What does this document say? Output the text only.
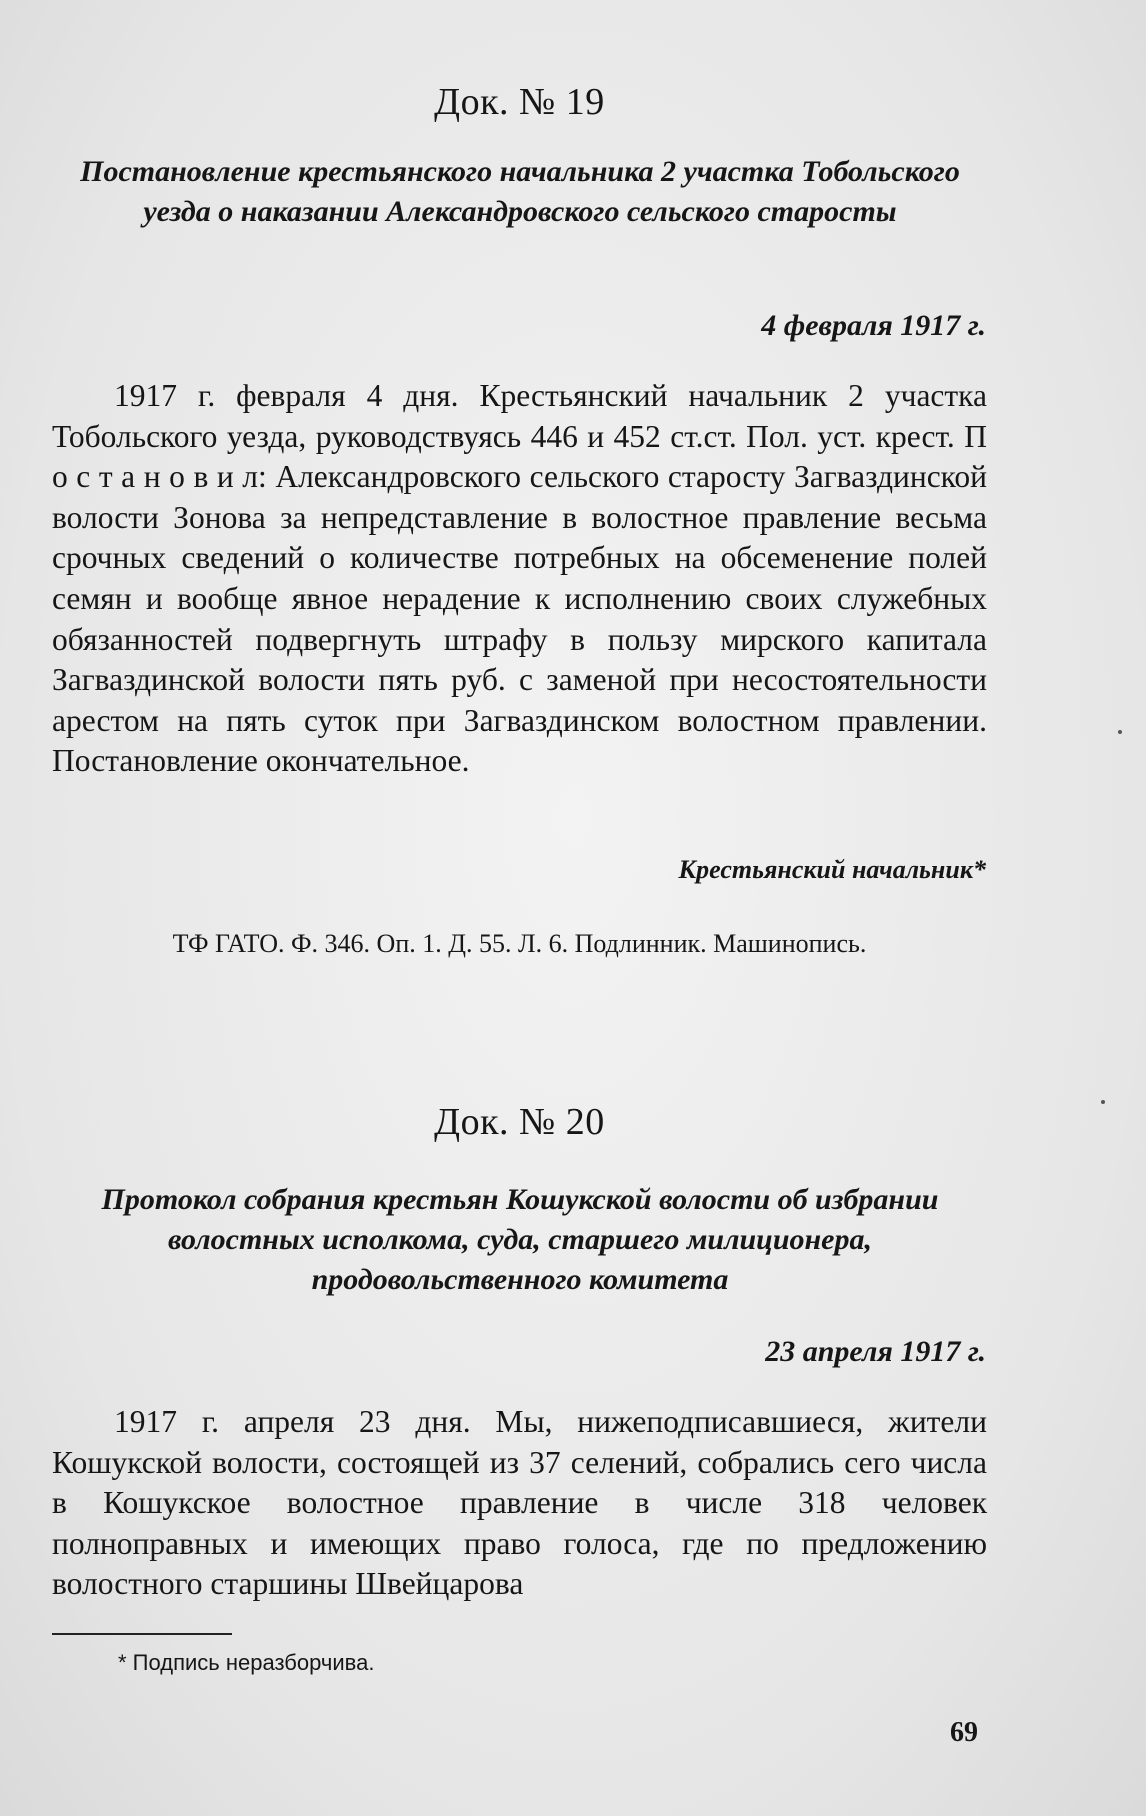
Док. № 19
Постановление крестьянского начальника 2 участка Тобольского уезда о наказании Александровского сельского старосты
4 февраля 1917 г.

1917 г. февраля 4 дня. Крестьянский начальник 2 участка Тобольского уезда, руководствуясь 446 и 452 ст.ст. Пол. уст. крест. П о с т а н о в и л: Александровского сельского старосту Загваздинской волости Зонова за непредставление в волостное правление весьма срочных сведений о количестве потребных на обсеменение полей семян и вообще явное нерадение к исполнению своих служебных обязанностей подвергнуть штрафу в пользу мирского капитала Загваздинской волости пять руб. с заменой при несостоятельности арестом на пять суток при Загваздинском волостном правлении. Постановление окончательное.

Крестьянский начальник*
ТФ ГАТО. Ф. 346. Оп. 1. Д. 55. Л. 6. Подлинник. Машинопись.
Док. № 20
Протокол собрания крестьян Кошукской волости об избрании волостных исполкома, суда, старшего милиционера, продовольственного комитета
23 апреля 1917 г.

1917 г. апреля 23 дня. Мы, нижеподписавшиеся, жители Кошукской волости, состоящей из 37 селений, собрались сего числа в Кошукское волостное правление в числе 318 человек полноправных и имеющих право голоса, где по предложению волостного старшины Швейцарова

* Подпись неразборчива.
69
